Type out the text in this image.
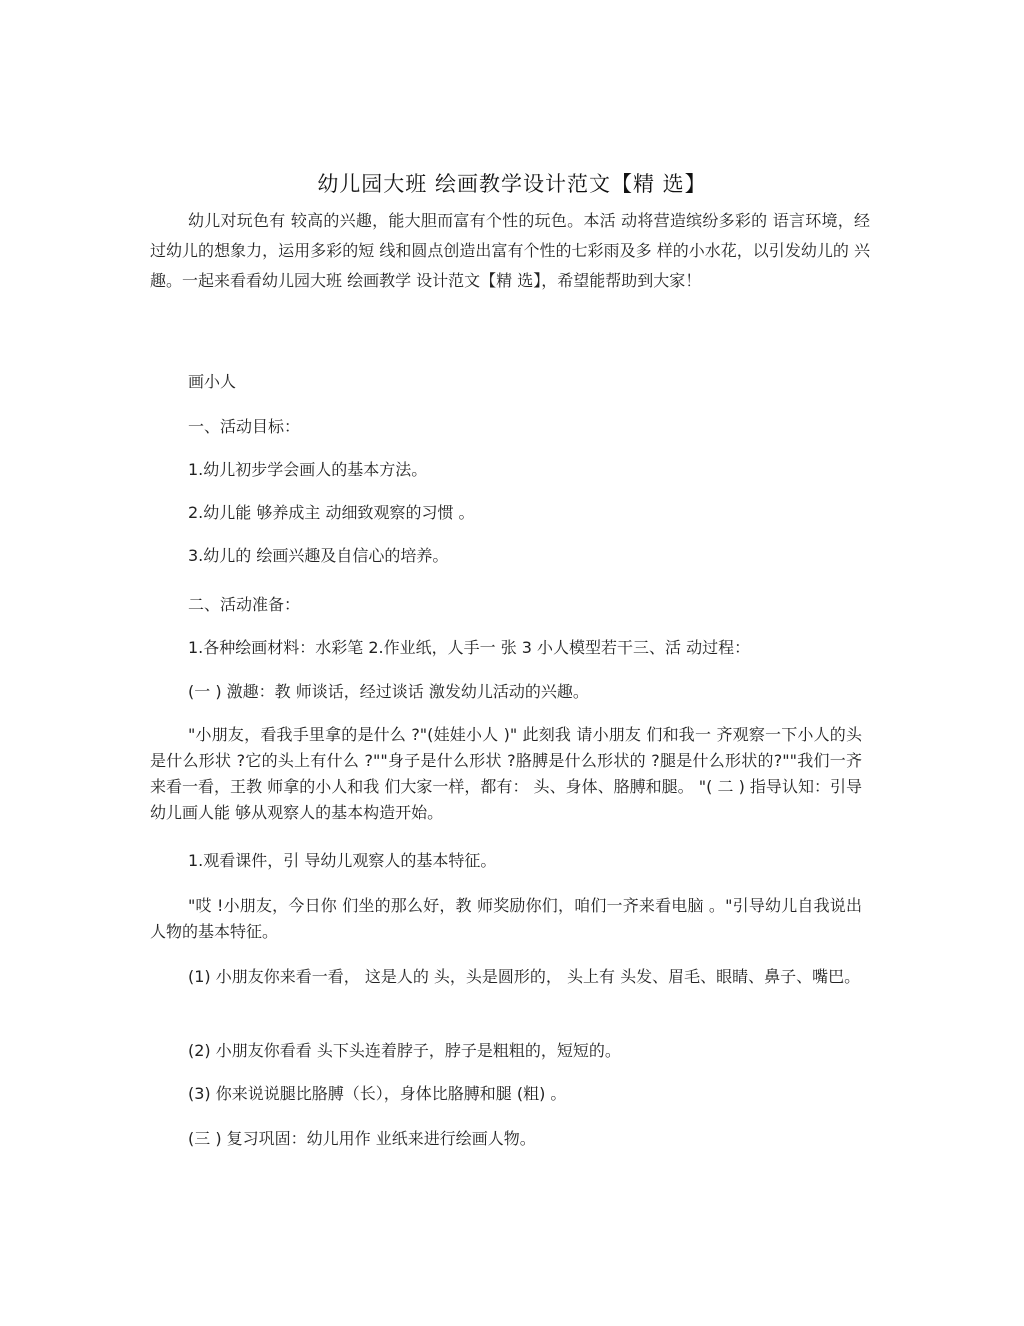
幼儿园大班 绘画教学设计范文【精 选】
幼儿对玩色有 较高的兴趣，能大胆而富有个性的玩色。本活 动将营造缤纷多彩的 语言环境，经过幼儿的想象力，运用多彩的短 线和圆点创造出富有个性的七彩雨及多 样的小水花，以引发幼儿的 兴趣。一起来看看幼儿园大班 绘画教学 设计范文【精 选】，希望能帮助到大家！
画小人
一、活动目标：
1.幼儿初步学会画人的基本方法。
2.幼儿能 够养成主 动细致观察的习惯 。
3.幼儿的 绘画兴趣及自信心的培养。
二、活动准备：
1.各种绘画材料：水彩笔 2.作业纸，人手一 张 3 小人模型若干三、活 动过程：
(一 ) 激趣：教 师谈话，经过谈话 激发幼儿活动的兴趣。
"小朋友，看我手里拿的是什么 ?"(娃娃小人 )" 此刻我 请小朋友 们和我一 齐观察一下小人的头是什么形状 ?它的头上有什么 ?""身子是什么形状 ?胳膊是什么形状的 ?腿是什么形状的?""我们一齐来看一看，王教 师拿的小人和我 们大家一样，都有： 头、身体、胳膊和腿。 "( 二 ) 指导认知：引导幼儿画人能 够从观察人的基本构造开始。
1.观看课件，引 导幼儿观察人的基本特征。
"哎 !小朋友，今日你 们坐的那么好，教 师奖励你们，咱们一齐来看电脑 。"引导幼儿自我说出人物的基本特征。
(1) 小朋友你来看一看， 这是人的 头，头是圆形的， 头上有 头发、眉毛、眼睛、鼻子、嘴巴。
(2) 小朋友你看看 头下头连着脖子，脖子是粗粗的，短短的。
(3) 你来说说腿比胳膊（长），身体比胳膊和腿 (粗) 。
(三 ) 复习巩固：幼儿用作 业纸来进行绘画人物。
